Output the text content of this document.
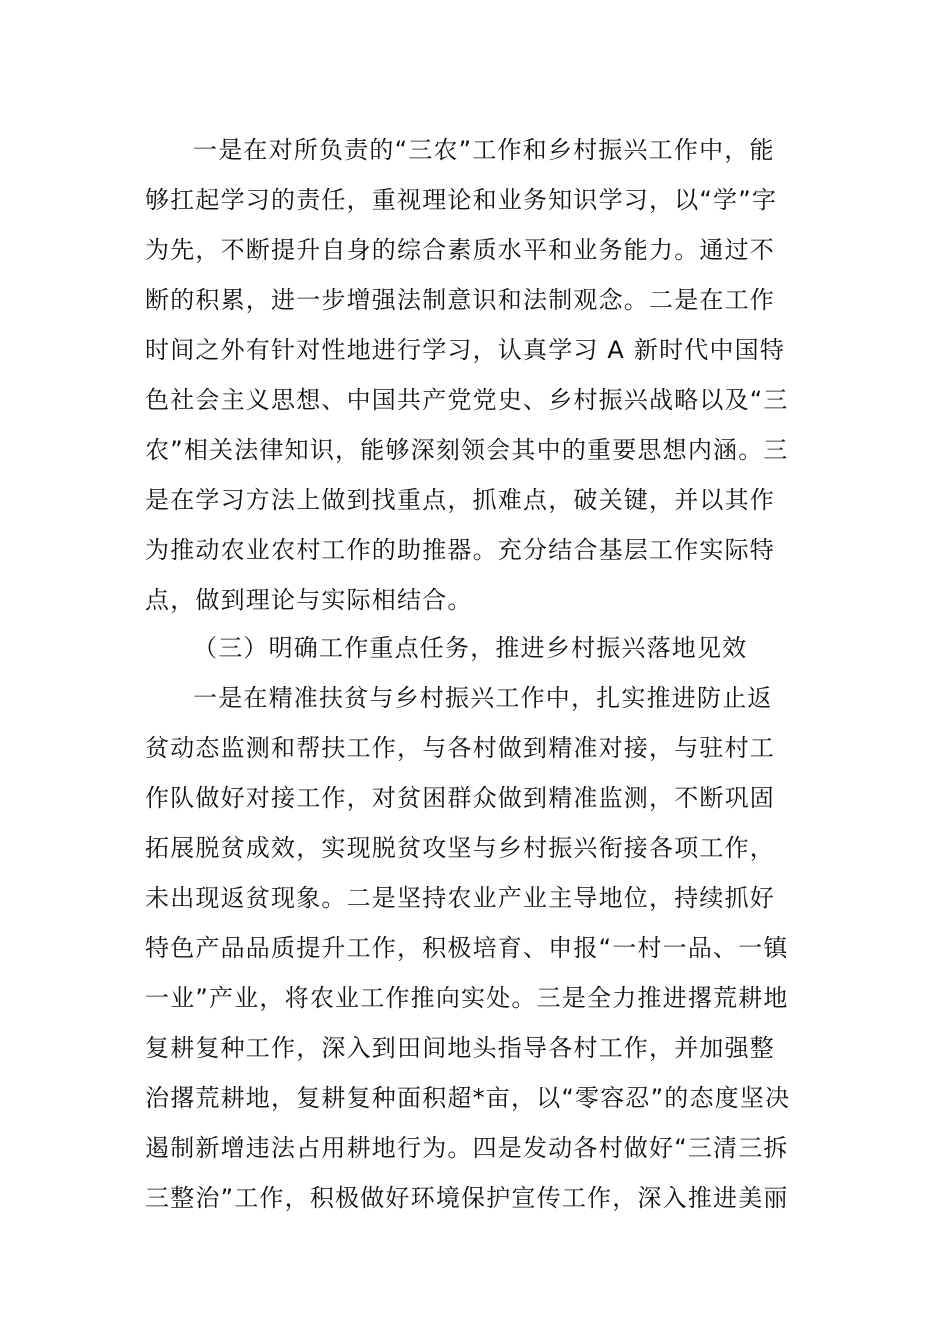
一是在对所负责的“三农”工作和乡村振兴工作中，能
够扛起学习的责任，重视理论和业务知识学习，以“学”字
为先，不断提升自身的综合素质水平和业务能力。通过不
断的积累，进一步增强法制意识和法制观念。二是在工作
时间之外有针对性地进行学习，认真学习 A 新时代中国特
色社会主义思想、中国共产党党史、乡村振兴战略以及“三
农”相关法律知识，能够深刻领会其中的重要思想内涵。三
是在学习方法上做到找重点，抓难点，破关键，并以其作
为推动农业农村工作的助推器。充分结合基层工作实际特
点，做到理论与实际相结合。
（三）明确工作重点任务，推进乡村振兴落地见效
一是在精准扶贫与乡村振兴工作中，扎实推进防止返
贫动态监测和帮扶工作，与各村做到精准对接，与驻村工
作队做好对接工作，对贫困群众做到精准监测，不断巩固
拓展脱贫成效，实现脱贫攻坚与乡村振兴衔接各项工作，
未出现返贫现象。二是坚持农业产业主导地位，持续抓好
特色产品品质提升工作，积极培育、申报“一村一品、一镇
一业”产业，将农业工作推向实处。三是全力推进撂荒耕地
复耕复种工作，深入到田间地头指导各村工作，并加强整
治撂荒耕地，复耕复种面积超*亩，以“零容忍”的态度坚决
遏制新增违法占用耕地行为。四是发动各村做好“三清三拆
三整治”工作，积极做好环境保护宣传工作，深入推进美丽
